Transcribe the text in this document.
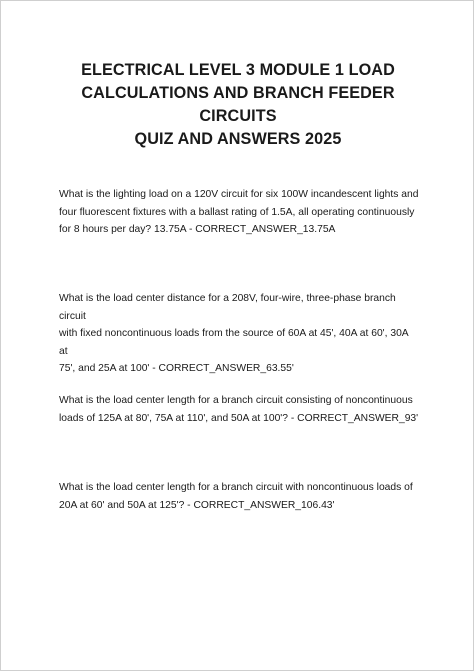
ELECTRICAL LEVEL 3 MODULE 1 LOAD
CALCULATIONS AND BRANCH FEEDER CIRCUITS
QUIZ AND ANSWERS 2025

What is the lighting load on a 120V circuit for six 100W incandescent lights and
four fluorescent fixtures with a ballast rating of 1.5A, all operating continuously
for 8 hours per day? 13.75A - CORRECT_ANSWER_13.75A

What is the load center distance for a 208V, four-wire, three-phase branch circuit
with fixed noncontinuous loads from the source of 60A at 45', 40A at 60', 30A at
75', and 25A at 100' - CORRECT_ANSWER_63.55'

What is the load center length for a branch circuit consisting of noncontinuous
loads of 125A at 80', 75A at 110', and 50A at 100'? - CORRECT_ANSWER_93'

What is the load center length for a branch circuit with noncontinuous loads of
20A at 60' and 50A at 125'? - CORRECT_ANSWER_106.43'
